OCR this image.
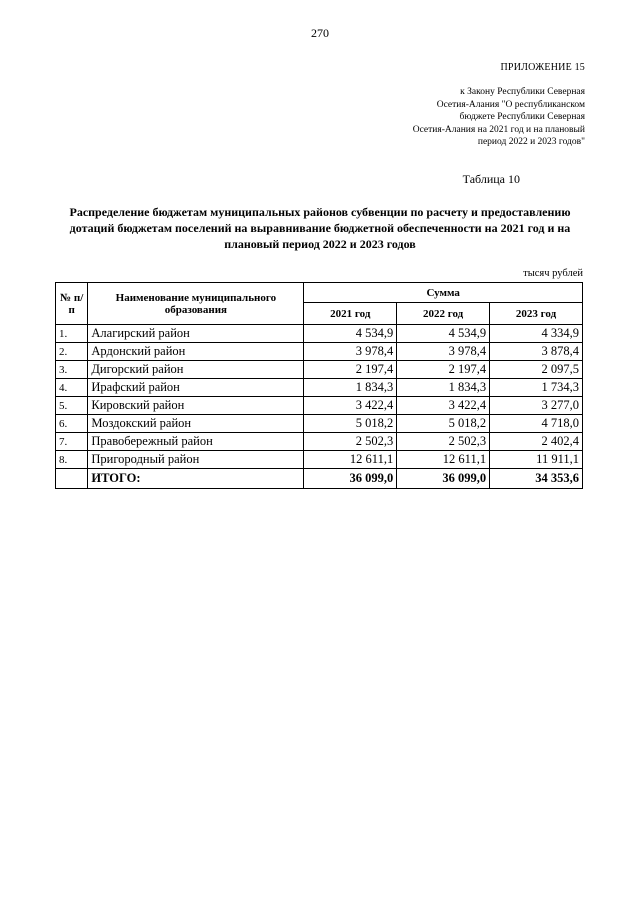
270
ПРИЛОЖЕНИЕ 15
к Закону Республики Северная
Осетия-Алания "О республиканском
бюджете Республики Северная
Осетия-Алания на 2021 год и на плановый
период 2022 и 2023 годов"
Таблица 10
Распределение бюджетам муниципальных районов субвенции по расчету и предоставлению
дотаций бюджетам поселений на выравнивание бюджетной обеспеченности на 2021 год и на
плановый период 2022 и 2023 годов
тысяч рублей
№ п/п	Наименование муниципального образования	Сумма		
		2021 год	2022 год	2023 год
1.	Алагирский район	4 534,9	4 534,9	4 334,9
2.	Ардонский район	3 978,4	3 978,4	3 878,4
3.	Дигорский район	2 197,4	2 197,4	2 097,5
4.	Ирафский район	1 834,3	1 834,3	1 734,3
5.	Кировский район	3 422,4	3 422,4	3 277,0
6.	Моздокский район	5 018,2	5 018,2	4 718,0
7.	Правобережный район	2 502,3	2 502,3	2 402,4
8.	Пригородный район	12 611,1	12 611,1	11 911,1
	ИТОГО:	36 099,0	36 099,0	34 353,6
